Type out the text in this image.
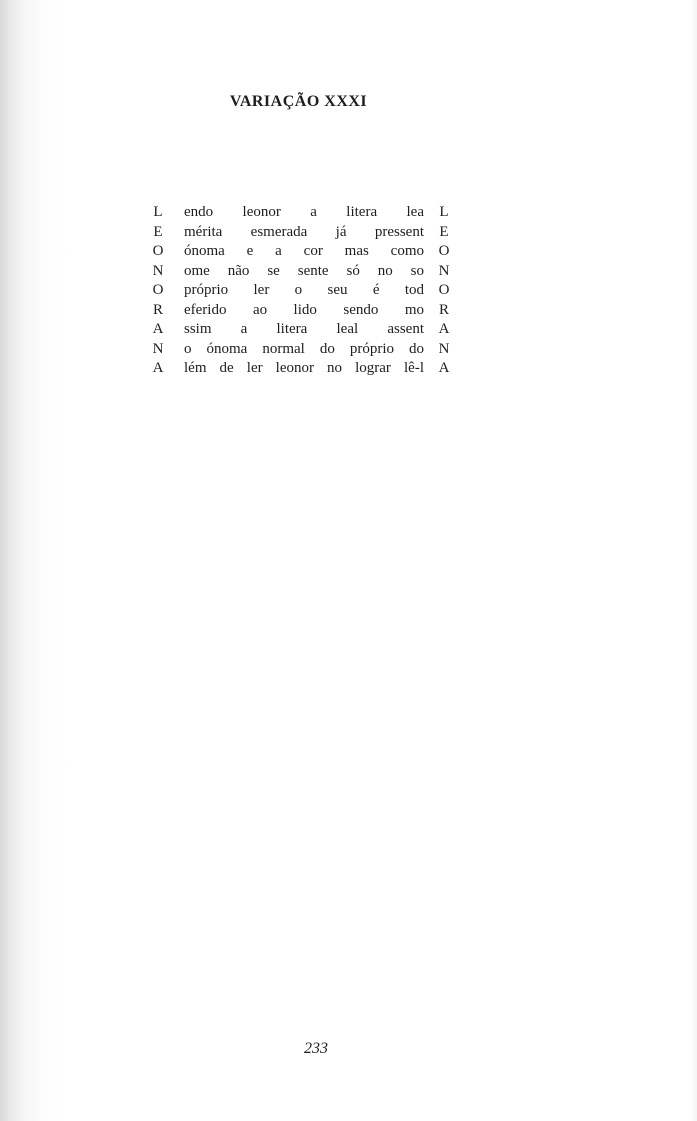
VARIAÇÃO XXXI
L endo leonor a litera lea L
E mérita esmerada já pressent E
O ónoma e a cor mas como O
N ome não se sente só no so N
O próprio ler o seu é tod O
R eferido ao lido sendo mo R
A ssim a litera leal assent A
N o ónoma normal do próprio do N
A lém de ler leonor no lograr lê-l A
233
